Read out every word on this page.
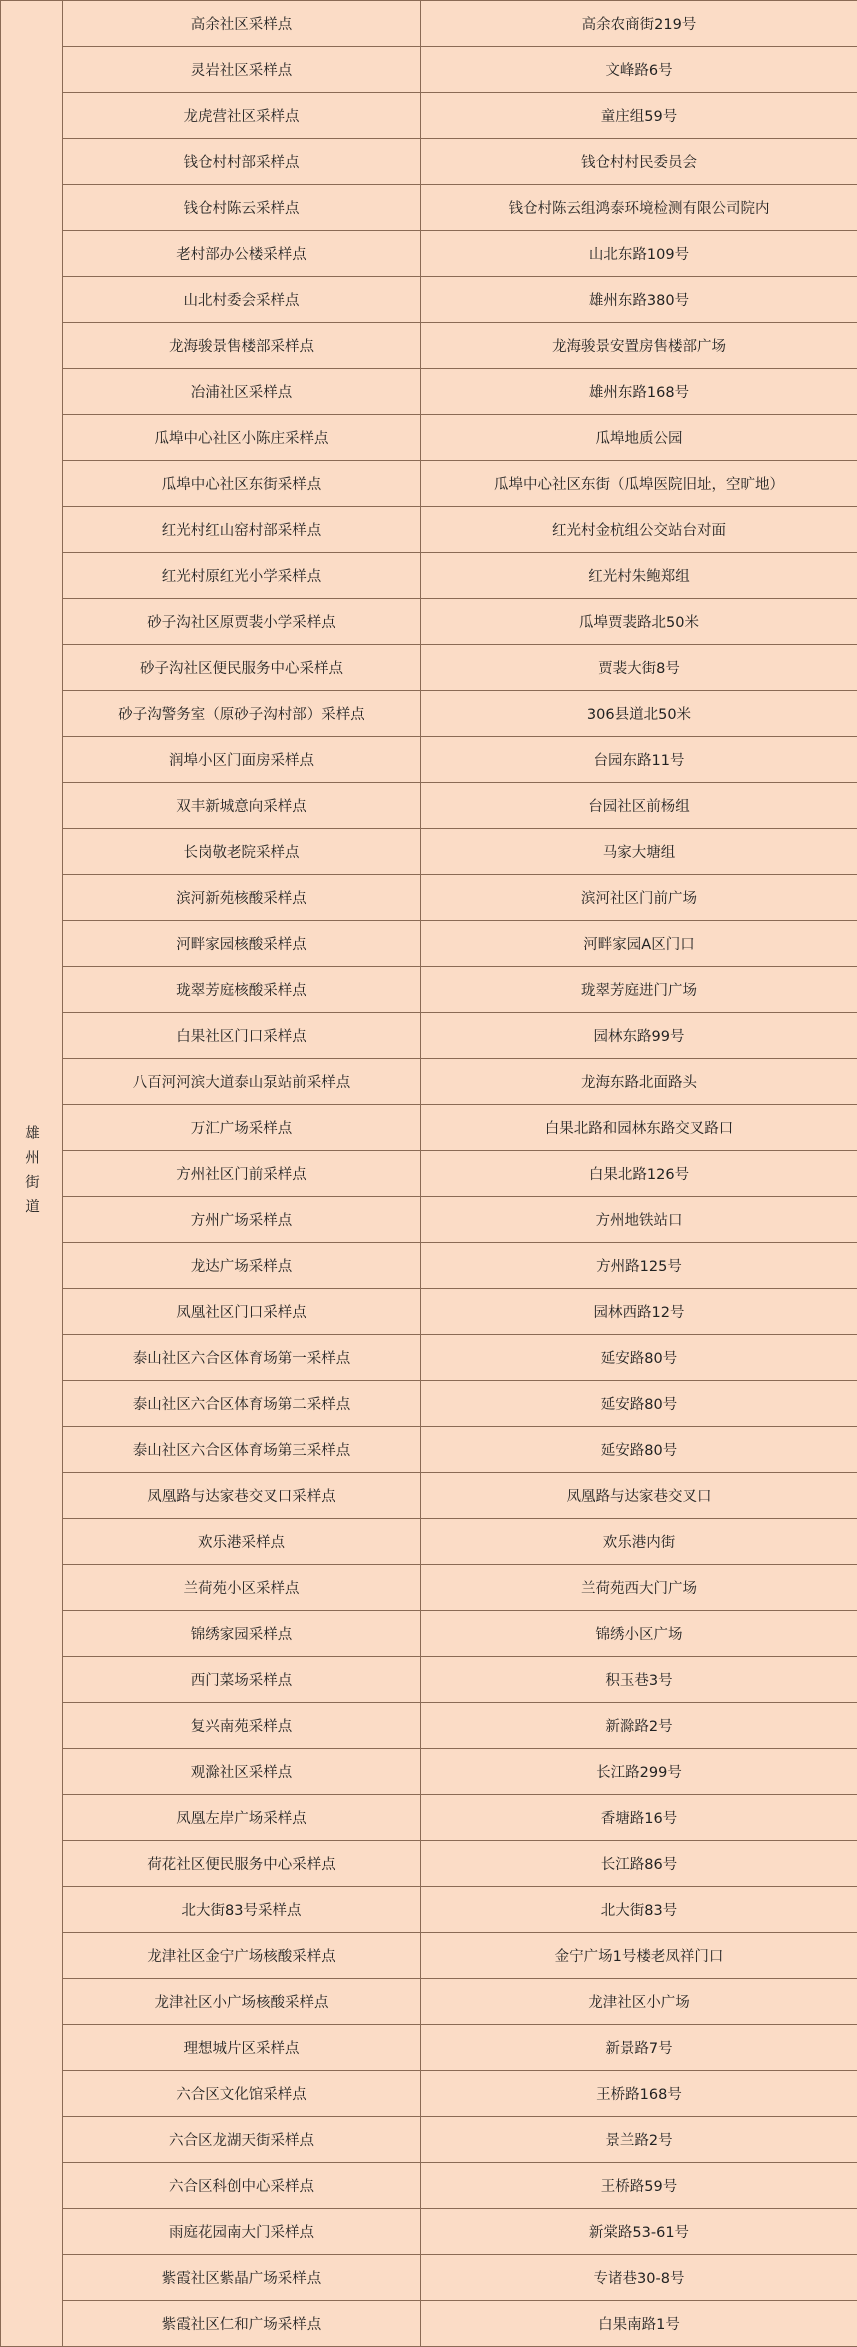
雄州街道	高余社区采样点	高余农商街219号
	灵岩社区采样点	文峰路6号
	龙虎营社区采样点	童庄组59号
	钱仓村村部采样点	钱仓村村民委员会
	钱仓村陈云采样点	钱仓村陈云组鸿泰环境检测有限公司院内
	老村部办公楼采样点	山北东路109号
	山北村委会采样点	雄州东路380号
	龙海骏景售楼部采样点	龙海骏景安置房售楼部广场
	冶浦社区采样点	雄州东路168号
	瓜埠中心社区小陈庄采样点	瓜埠地质公园
	瓜埠中心社区东街采样点	瓜埠中心社区东街（瓜埠医院旧址，空旷地）
	红光村红山窑村部采样点	红光村金杭组公交站台对面
	红光村原红光小学采样点	红光村朱鲍郑组
	砂子沟社区原贾裴小学采样点	瓜埠贾裴路北50米
	砂子沟社区便民服务中心采样点	贾裴大街8号
	砂子沟警务室（原砂子沟村部）采样点	306县道北50米
	润埠小区门面房采样点	台园东路11号
	双丰新城意向采样点	台园社区前杨组
	长岗敬老院采样点	马家大塘组
	滨河新苑核酸采样点	滨河社区门前广场
	河畔家园核酸采样点	河畔家园A区门口
	珑翠芳庭核酸采样点	珑翠芳庭进门广场
	白果社区门口采样点	园林东路99号
	八百河河滨大道泰山泵站前采样点	龙海东路北面路头
	万汇广场采样点	白果北路和园林东路交叉路口
	方州社区门前采样点	白果北路126号
	方州广场采样点	方州地铁站口
	龙达广场采样点	方州路125号
	凤凰社区门口采样点	园林西路12号
	泰山社区六合区体育场第一采样点	延安路80号
	泰山社区六合区体育场第二采样点	延安路80号
	泰山社区六合区体育场第三采样点	延安路80号
	凤凰路与达家巷交叉口采样点	凤凰路与达家巷交叉口
	欢乐港采样点	欢乐港内街
	兰荷苑小区采样点	兰荷苑西大门广场
	锦绣家园采样点	锦绣小区广场
	西门菜场采样点	积玉巷3号
	复兴南苑采样点	新滁路2号
	观滁社区采样点	长江路299号
	凤凰左岸广场采样点	香塘路16号
	荷花社区便民服务中心采样点	长江路86号
	北大街83号采样点	北大街83号
	龙津社区金宁广场核酸采样点	金宁广场1号楼老凤祥门口
	龙津社区小广场核酸采样点	龙津社区小广场
	理想城片区采样点	新景路7号
	六合区文化馆采样点	王桥路168号
	六合区龙湖天街采样点	景兰路2号
	六合区科创中心采样点	王桥路59号
	雨庭花园南大门采样点	新棠路53-61号
	紫霞社区紫晶广场采样点	专诸巷30-8号
	紫霞社区仁和广场采样点	白果南路1号
